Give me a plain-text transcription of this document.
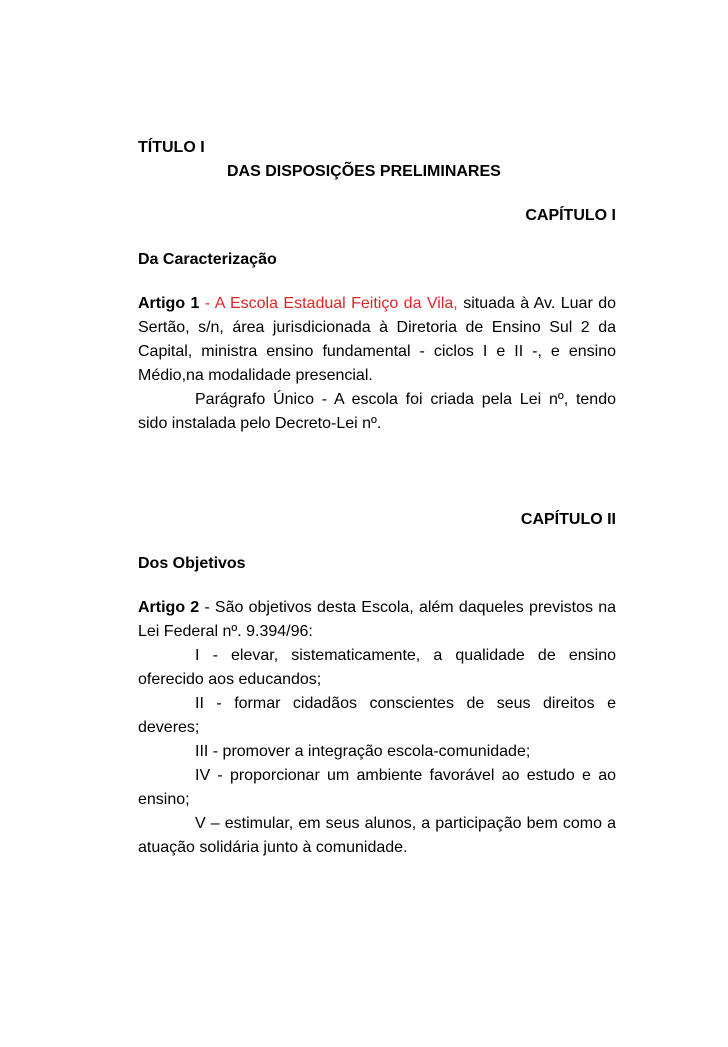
TÍTULO I
DAS DISPOSIÇÕES PRELIMINARES
CAPÍTULO I
Da Caracterização

Artigo 1 - A Escola Estadual Feitiço da Vila, situada à Av. Luar do Sertão, s/n, área jurisdicionada à Diretoria de Ensino Sul 2 da Capital, ministra ensino fundamental - ciclos I e II -, e ensino Médio,na modalidade presencial.

Parágrafo Único - A escola foi criada pela Lei nº, tendo sido instalada pelo Decreto-Lei nº.

CAPÍTULO II
Dos Objetivos

Artigo 2 - São objetivos desta Escola, além daqueles previstos na Lei Federal nº. 9.394/96:

I - elevar, sistematicamente, a qualidade de ensino oferecido aos educandos;

II - formar cidadãos conscientes de seus direitos e deveres;

III - promover a integração escola-comunidade;

IV - proporcionar um ambiente favorável ao estudo e ao ensino;

V – estimular, em seus alunos, a participação bem como a atuação solidária junto à comunidade.
